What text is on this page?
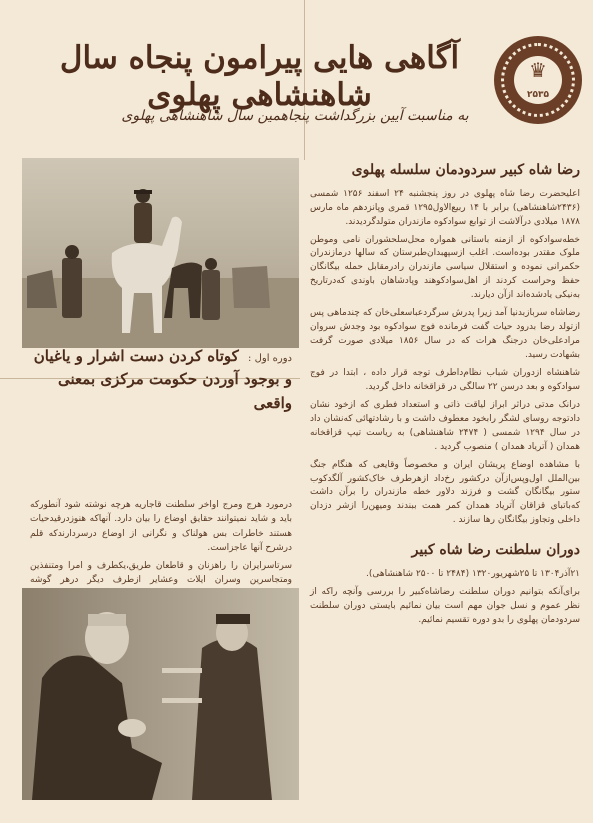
♛
۲۵۳۵
آگاهی هایی پیرامون پنجاه سال شاهنشاهی پهلوی
به مناسبت آیین بزرگداشت پنجاهمین سال شاهنشاهی پهلوی
دوره اول : کوتاه کردن دست اشرار و یاغیان و بوجود آوردن حکومت مرکزی بمعنی واقعی

درمورد هرج ومرج اواخر سلطنت قاجاریه هرچه نوشته شود آنطورکه باید و شاید نمیتوانند حقایق اوضاع را بیان دارد. آنهاکه هنوزدرقیدحیات هستند خاطرات بس هولناک و نگرانی از اوضاع درسردارندکه قلم درشرح آنها عاجزاست.

سرتاسرایران را راهزنان و قاطعان طریق،یکطرف و امرا ومتنفذین ومتجاسرین وسران ایلات وعشایر ازطرف دیگر درهر گوشه

رضا شاه کبیر سردودمان سلسله پهلوی

اعلیحضرت رضا شاه پهلوی در روز پنجشنبه ۲۴ اسفند ۱۲۵۶ شمسی (۲۴۳۶شاهنشاهی) برابر با ۱۴ ربیع‌الاول۱۲۹۵ قمری وپانزدهم ماه مارس ۱۸۷۸ میلادی درآلاشت از توابع سوادکوه مازندران متولدگردیدند.

خطه‌سوادکوه از ازمنه باستانی همواره محل‌سلحشوران نامی وموطن ملوک مقتدر بوده‌است. اغلب ازسپهبدان‌طبرستان که سالها درمازندران حکمرانی نموده و استقلال سیاسی مازندران رادرمقابل حمله بیگانگان حفظ وحراست کردند از اهل‌سوادکوهند وپادشاهان باوندی که‌درتاریخ به‌نیکی یادشده‌اند ازآن دیارند.

رضاشاه سربازبدنیا آمد زیرا پدرش سرگردعباسعلی‌خان که چندماهی پس ازتولد رضا بدرود حیات گفت فرمانده فوج سوادکوه بود وجدش سروان مرادعلی‌خان درجنگ هرات که در سال ۱۸۵۶ میلادی صورت گرفت بشهادت رسید.

شاهنشاه ازدوران شباب نظام‌دا‌طرف توجه قرار داده ، ابتدا در فوج سوادکوه و بعد درسن ۲۲ سالگی در قزاقخانه داخل گردید.

درانک مدتی دراثر ابراز لیاقت ذاتی و استعداد فطری که ازخود نشان دادتوجه روسای لشگر رابخود معطوف داشت و با رشادتهائی که‌نشان داد در سال ۱۲۹۴ شمسی ( ۲۴۷۴ شاهنشاهی) به ریاست تیپ قزاقخانه همدان ( آتریاد همدان ) منصوب گردید .

با مشاهده اوضاع پریشان ایران و مخصوصاً وقایعی که هنگام جنگ بین‌الملل اول‌وپس‌ازآن درکشور رخ‌داد ازهرطرف خاک‌کشور آلگدکوب ستور بیگانگان گشت و فرزند دلاور خطه مازندران را برآن داشت که‌باتبای قزاقان آتریاد همدان کمر همت ببندند ومیهن‌را ازشر دزدان داخلی وتجاوز بیگانگان رها سازند .

دوران سلطنت رضا شاه کبیر

۲۱آذر۱۳۰۴ تا ۲۵شهریور۱۳۲۰ (۲۴۸۴ تا ۲۵۰۰ شاهنشاهی).

برای‌آنکه بتوانیم دوران سلطنت رضاشاه‌کبیر را بررسی وآنچه راکه از نظر عموم و نسل جوان مهم است بیان نمائیم بایستی دوران سلطنت سردودمان پهلوی را بدو دوره تقسیم نمائیم.
